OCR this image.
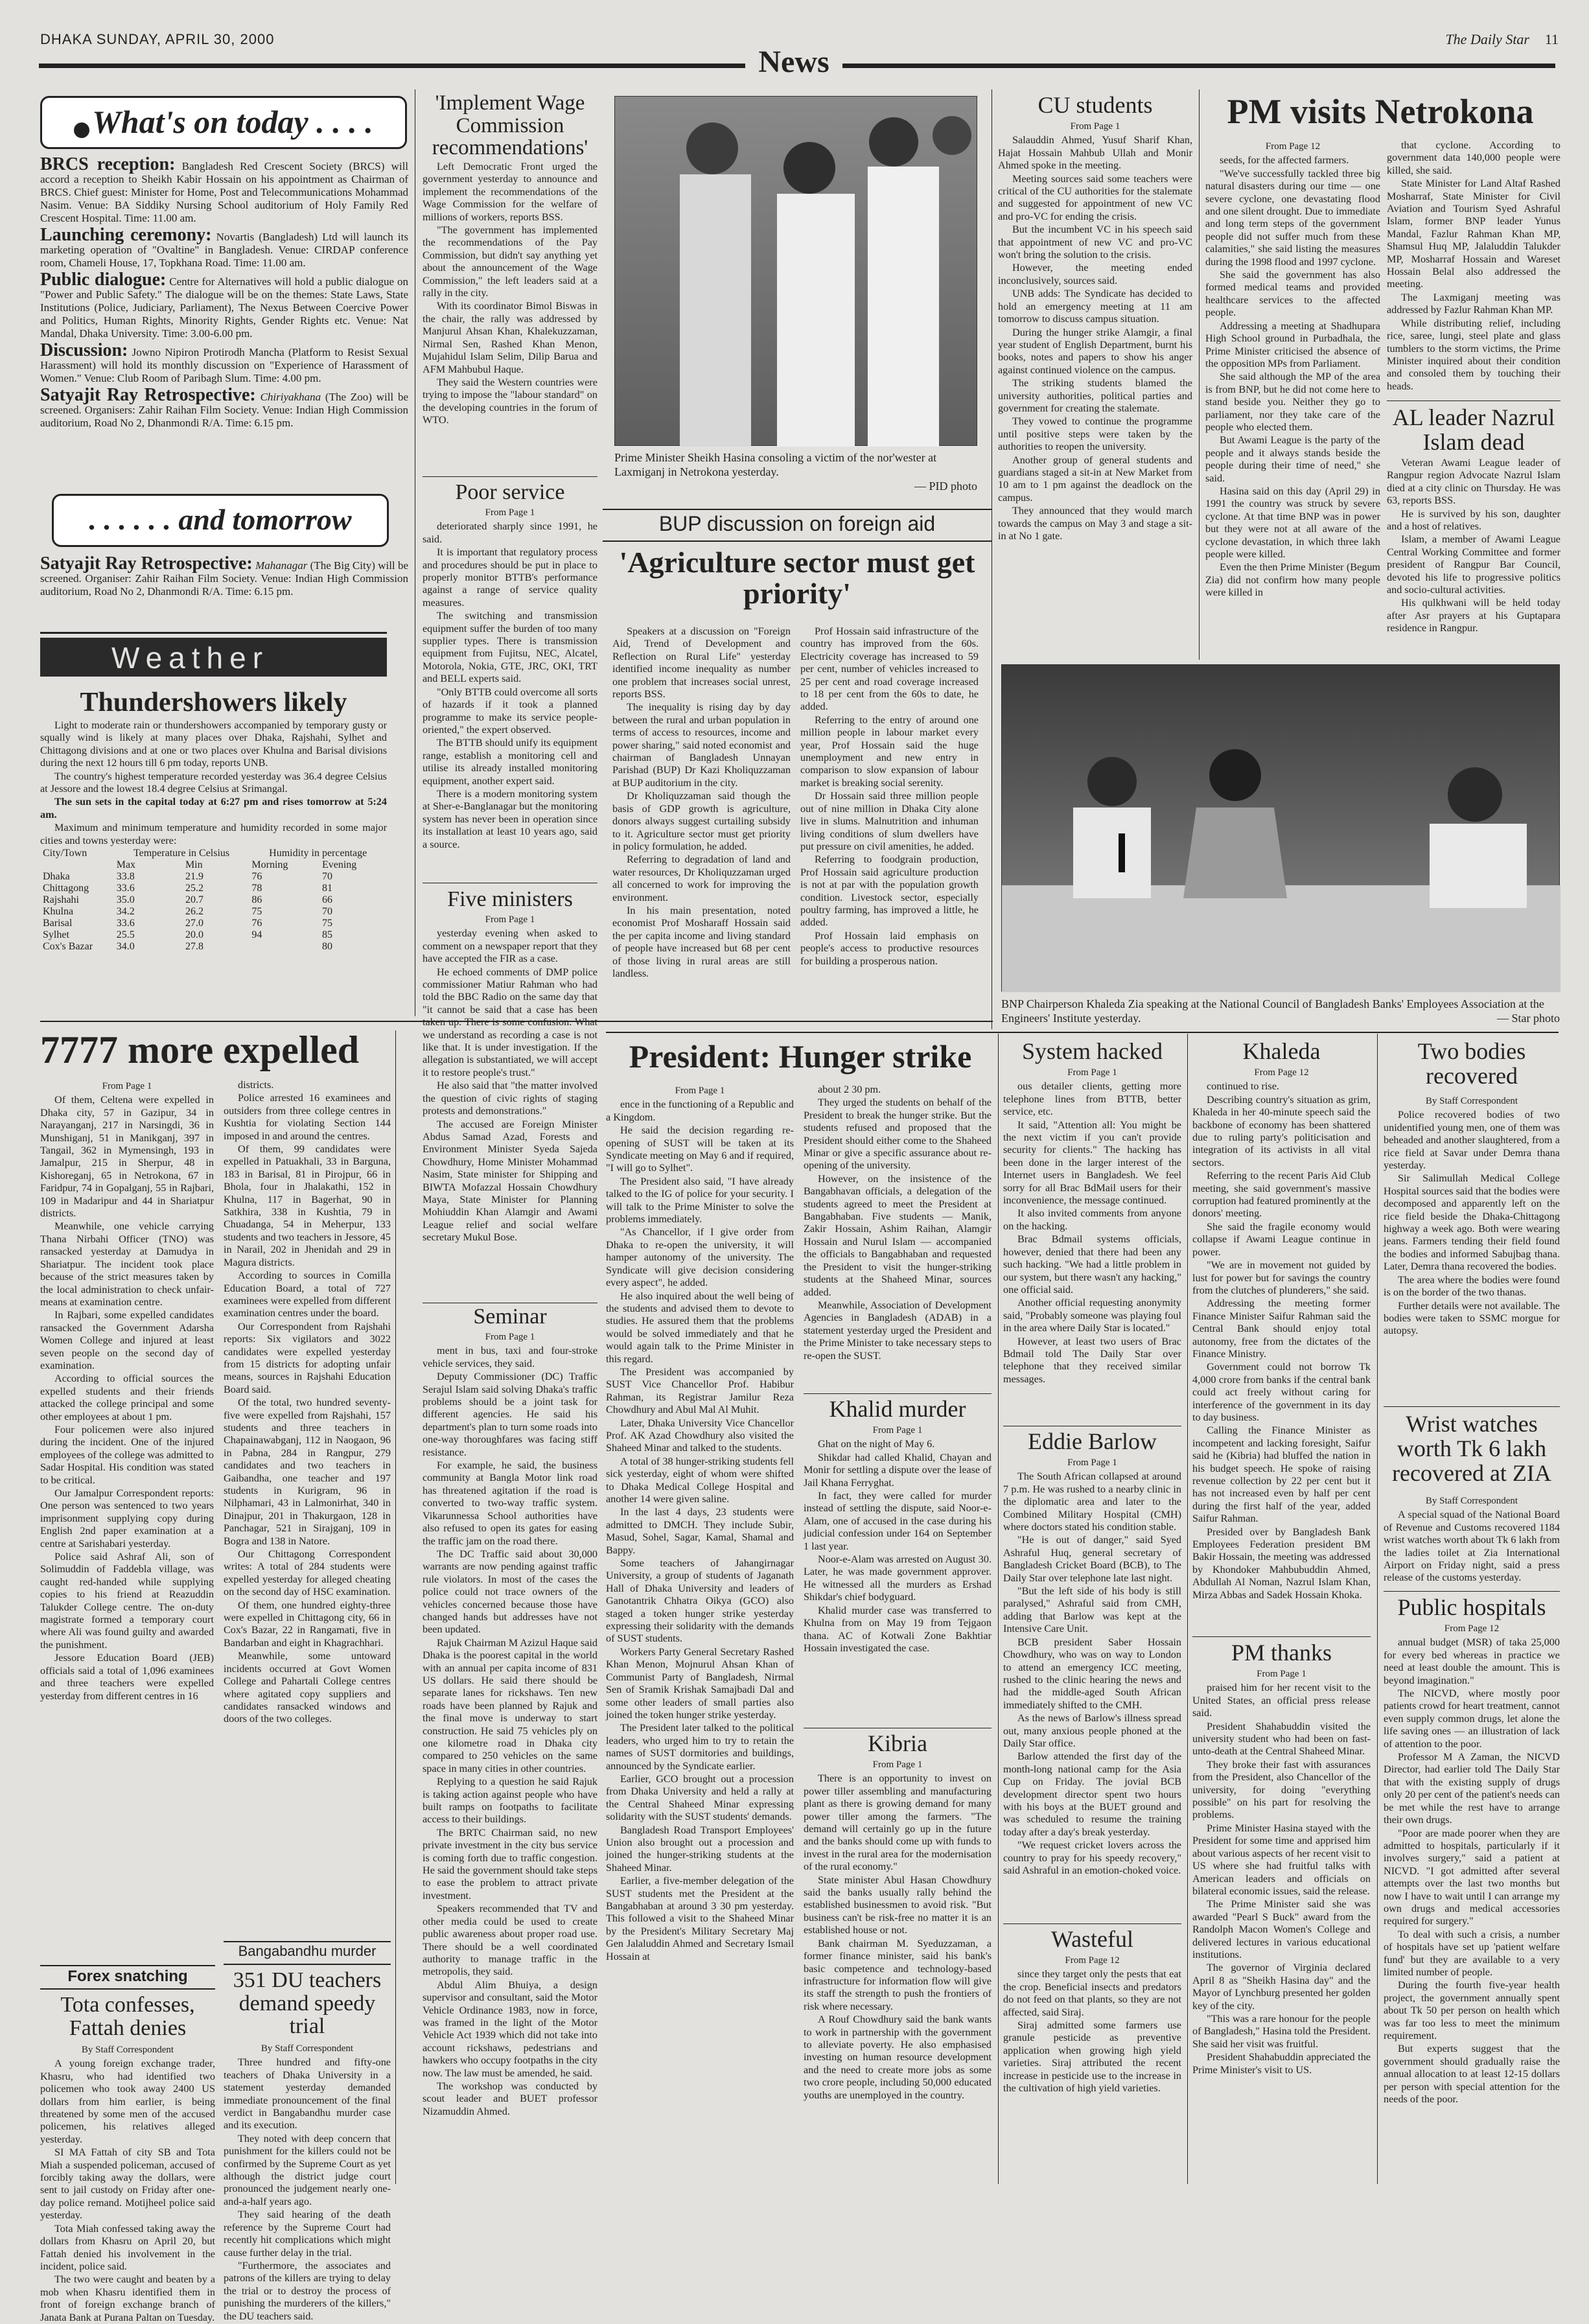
DHAKA SUNDAY, APRIL 30, 2000
News
The Daily Star	11
What's on today . . . .
BRCS reception: Bangladesh Red Crescent Society (BRCS) will accord a reception to Sheikh Kabir Hossain on his appointment as Chairman of BRCS. Chief guest: Minister for Home, Post and Telecommunications Mohammad Nasim. Venue: BA Siddiky Nursing School auditorium of Holy Family Red Crescent Hospital. Time: 11.00 am.
Launching ceremony: Novartis (Bangladesh) Ltd will launch its marketing operation of "Ovaltine" in Bangladesh. Venue: CIRDAP conference room, Chameli House, 17, Topkhana Road. Time: 11.00 am.
Public dialogue: Centre for Alternatives will hold a public dialogue on "Power and Public Safety." The dialogue will be on the themes: State Laws, State Institutions (Police, Judiciary, Parliament), The Nexus Between Coercive Power and Politics, Human Rights, Minority Rights, Gender Rights etc. Venue: Nat Mandal, Dhaka University. Time: 3.00-6.00 pm.
Discussion: Jowno Nipiron Protirodh Mancha (Platform to Resist Sexual Harassment) will hold its monthly discussion on "Experience of Harassment of Women." Venue: Club Room of Paribagh Slum. Time: 4.00 pm.
Satyajit Ray Retrospective: Chiriyakhana (The Zoo) will be screened. Organisers: Zahir Raihan Film Society. Venue: Indian High Commission auditorium, Road No 2, Dhanmondi R/A. Time: 6.15 pm.
. . . . . . and tomorrow
Satyajit Ray Retrospective: Mahanagar (The Big City) will be screened. Organiser: Zahir Raihan Film Society. Venue: Indian High Commission auditorium, Road No 2, Dhanmondi R/A. Time: 6.15 pm.
Weather
Thundershowers likely

Light to moderate rain or thundershowers accompanied by temporary gusty or squally wind is likely at many places over Dhaka, Rajshahi, Sylhet and Chittagong divisions and at one or two places over Khulna and Barisal divisions during the next 12 hours till 6 pm today, reports UNB.

The country's highest temperature recorded yesterday was 36.4 degree Celsius at Jessore and the lowest 18.4 degree Celsius at Srimangal.

The sun sets in the capital today at 6:27 pm and rises tomorrow at 5:24 am.

Maximum and minimum temperature and humidity recorded in some major cities and towns yesterday were:

City/Town	Temperature in Celsius		Humidity in percentage	
	Max	Min	Morning	Evening
Dhaka	33.8	21.9	76	70
Chittagong	33.6	25.2	78	81
Rajshahi	35.0	20.7	86	66
Khulna	34.2	26.2	75	70
Barisal	33.6	27.0	76	75
Sylhet	25.5	20.0	94	85
Cox's Bazar	34.0	27.8		80
7777 more expelled
From Page 1

Of them, Celtena were expelled in Dhaka city, 57 in Gazipur, 34 in Narayanganj, 217 in Narsingdi, 36 in Munshiganj, 51 in Manikganj, 397 in Tangail, 362 in Mymensingh, 193 in Jamalpur, 215 in Sherpur, 48 in Kishoreganj, 65 in Netrokona, 67 in Faridpur, 74 in Gopalganj, 55 in Rajbari, 109 in Madaripur and 44 in Shariatpur districts.

Meanwhile, one vehicle carrying Thana Nirbahi Officer (TNO) was ransacked yesterday at Damudya in Shariatpur. The incident took place because of the strict measures taken by the local administration to check unfair-means at examination centre.

In Rajbari, some expelled candidates ransacked the Government Adarsha Women College and injured at least seven people on the second day of examination.

According to official sources the expelled students and their friends attacked the college principal and some other employees at about 1 pm.

Four policemen were also injured during the incident. One of the injured employees of the college was admitted to Sadar Hospital. His condition was stated to be critical.

Our Jamalpur Correspondent reports: One person was sentenced to two years imprisonment supplying copy during English 2nd paper examination at a centre at Sarishabari yesterday.

Police said Ashraf Ali, son of Solimuddin of Faddebla village, was caught red-handed while supplying copies to his friend at Reazuddin Talukder College centre. The on-duty magistrate formed a temporary court where Ali was found guilty and awarded the punishment.

Jessore Education Board (JEB) officials said a total of 1,096 examinees and three teachers were expelled yesterday from different centres in 16

districts.

Police arrested 16 examinees and outsiders from three college centres in Kushtia for violating Section 144 imposed in and around the centres.

Of them, 99 candidates were expelled in Patuakhali, 33 in Barguna, 183 in Barisal, 81 in Pirojpur, 66 in Bhola, four in Jhalakathi, 152 in Khulna, 117 in Bagerhat, 90 in Satkhira, 338 in Kushtia, 79 in Chuadanga, 54 in Meherpur, 133 students and two teachers in Jessore, 45 in Narail, 202 in Jhenidah and 29 in Magura districts.

According to sources in Comilla Education Board, a total of 727 examinees were expelled from different examination centres under the board.

Our Correspondent from Rajshahi reports: Six vigilators and 3022 candidates were expelled yesterday from 15 districts for adopting unfair means, sources in Rajshahi Education Board said.

Of the total, two hundred seventy-five were expelled from Rajshahi, 157 students and three teachers in Chapainawabganj, 112 in Naogaon, 96 in Pabna, 284 in Rangpur, 279 candidates and two teachers in Gaibandha, one teacher and 197 students in Kurigram, 96 in Nilphamari, 43 in Lalmonirhat, 340 in Dinajpur, 201 in Thakurgaon, 128 in Panchagar, 521 in Sirajganj, 109 in Bogra and 138 in Natore.

Our Chittagong Correspondent writes: A total of 284 students were expelled yesterday for alleged cheating on the second day of HSC examination.

Of them, one hundred eighty-three were expelled in Chittagong city, 66 in Cox's Bazar, 22 in Rangamati, five in Bandarban and eight in Khagrachhari.

Meanwhile, some untoward incidents occurred at Govt Women College and Pahartali College centres where agitated copy suppliers and candidates ransacked windows and doors of the two colleges.

Forex snatching
Tota confesses, Fattah denies
By Staff Correspondent

A young foreign exchange trader, Khasru, who had identified two policemen who took away 2400 US dollars from him earlier, is being threatened by some men of the accused policemen, his relatives alleged yesterday.

SI MA Fattah of city SB and Tota Miah a suspended policeman, accused of forcibly taking away the dollars, were sent to jail custody on Friday after one-day police remand. Motijheel police said yesterday.

Tota Miah confessed taking away the dollars from Khasru on April 20, but Fattah denied his involvement in the incident, police said.

The two were caught and beaten by a mob when Khasru identified them in front of foreign exchange branch of Janata Bank at Purana Paltan on Tuesday.

Bangabandhu murder
351 DU teachers demand speedy trial
By Staff Correspondent

Three hundred and fifty-one teachers of Dhaka University in a statement yesterday demanded immediate pronouncement of the final verdict in Bangabandhu murder case and its execution.

They noted with deep concern that punishment for the killers could not be confirmed by the Supreme Court as yet although the district judge court pronounced the judgement nearly one-and-a-half years ago.

They said hearing of the death reference by the Supreme Court had recently hit complications which might cause further delay in the trial.

"Furthermore, the associates and patrons of the killers are trying to delay the trial or to destroy the process of punishing the murderers of the killers," the DU teachers said.

'Implement Wage Commission recommendations'

Left Democratic Front urged the government yesterday to announce and implement the recommendations of the Wage Commission for the welfare of millions of workers, reports BSS.

"The government has implemented the recommendations of the Pay Commission, but didn't say anything yet about the announcement of the Wage Commission," the left leaders said at a rally in the city.

With its coordinator Bimol Biswas in the chair, the rally was addressed by Manjurul Ahsan Khan, Khalekuzzaman, Nirmal Sen, Rashed Khan Menon, Mujahidul Islam Selim, Dilip Barua and AFM Mahbubul Haque.

They said the Western countries were trying to impose the "labour standard" on the developing countries in the forum of WTO.

Poor service
From Page 1

deteriorated sharply since 1991, he said.

It is important that regulatory process and procedures should be put in place to properly monitor BTTB's performance against a range of service quality measures.

The switching and transmission equipment suffer the burden of too many supplier types. There is transmission equipment from Fujitsu, NEC, Alcatel, Motorola, Nokia, GTE, JRC, OKI, TRT and BELL experts said.

"Only BTTB could overcome all sorts of hazards if it took a planned programme to make its service people-oriented," the expert observed.

The BTTB should unify its equipment range, establish a monitoring cell and utilise its already installed monitoring equipment, another expert said.

There is a modern monitoring system at Sher-e-Banglanagar but the monitoring system has never been in operation since its installation at least 10 years ago, said a source.

Five ministers
From Page 1

yesterday evening when asked to comment on a newspaper report that they have accepted the FIR as a case.

He echoed comments of DMP police commissioner Matiur Rahman who had told the BBC Radio on the same day that "it cannot be said that a case has been taken up. There is some confusion. What we understand as recording a case is not like that. It is under investigation. If the allegation is substantiated, we will accept it to restore people's trust."

He also said that "the matter involved the question of civic rights of staging protests and demonstrations."

The accused are Foreign Minister Abdus Samad Azad, Forests and Environment Minister Syeda Sajeda Chowdhury, Home Minister Mohammad Nasim, State minister for Shipping and BIWTA Mofazzal Hossain Chowdhury Maya, State Minister for Planning Mohiuddin Khan Alamgir and Awami League relief and social welfare secretary Mukul Bose.

Seminar
From Page 1

ment in bus, taxi and four-stroke vehicle services, they said.

Deputy Commissioner (DC) Traffic Serajul Islam said solving Dhaka's traffic problems should be a joint task for different agencies. He said his department's plan to turn some roads into one-way thoroughfares was facing stiff resistance.

For example, he said, the business community at Bangla Motor link road has threatened agitation if the road is converted to two-way traffic system. Vikarunnessa School authorities have also refused to open its gates for easing the traffic jam on the road there.

The DC Traffic said about 30,000 warrants are now pending against traffic rule violators. In most of the cases the police could not trace owners of the vehicles concerned because those have changed hands but addresses have not been updated.

Rajuk Chairman M Azizul Haque said Dhaka is the poorest capital in the world with an annual per capita income of 831 US dollars. He said there should be separate lanes for rickshaws. Ten new roads have been planned by Rajuk and the final move is underway to start construction. He said 75 vehicles ply on one kilometre road in Dhaka city compared to 250 vehicles on the same space in many cities in other countries.

Replying to a question he said Rajuk is taking action against people who have built ramps on footpaths to facilitate access to their buildings.

The BRTC Chairman said, no new private investment in the city bus service is coming forth due to traffic congestion. He said the government should take steps to ease the problem to attract private investment.

Speakers recommended that TV and other media could be used to create public awareness about proper road use. There should be a well coordinated authority to manage traffic in the metropolis, they said.

Abdul Alim Bhuiya, a design supervisor and consultant, said the Motor Vehicle Ordinance 1983, now in force, was framed in the light of the Motor Vehicle Act 1939 which did not take into account rickshaws, pedestrians and hawkers who occupy footpaths in the city now. The law must be amended, he said.

The workshop was conducted by scout leader and BUET professor Nizamuddin Ahmed.

Prime Minister Sheikh Hasina consoling a victim of the nor'wester at Laxmiganj in Netrokona yesterday.
— PID photo
BUP discussion on foreign aid
'Agriculture sector must get priority'

Speakers at a discussion on "Foreign Aid, Trend of Development and Reflection on Rural Life" yesterday identified income inequality as number one problem that increases social unrest, reports BSS.

The inequality is rising day by day between the rural and urban population in terms of access to resources, income and power sharing," said noted economist and chairman of Bangladesh Unnayan Parishad (BUP) Dr Kazi Kholiquzzaman at BUP auditorium in the city.

Dr Kholiquzzaman said though the basis of GDP growth is agriculture, donors always suggest curtailing subsidy to it. Agriculture sector must get priority in policy formulation, he added.

Referring to degradation of land and water resources, Dr Kholiquzzaman urged all concerned to work for improving the environment.

In his main presentation, noted economist Prof Mosharaff Hossain said the per capita income and living standard of people have increased but 68 per cent of those living in rural areas are still landless.

Prof Hossain said infrastructure of the country has improved from the 60s. Electricity coverage has increased to 59 per cent, number of vehicles increased to 25 per cent and road coverage increased to 18 per cent from the 60s to date, he added.

Referring to the entry of around one million people in labour market every year, Prof Hossain said the huge unemployment and new entry in comparison to slow expansion of labour market is breaking social serenity.

Dr Hossain said three million people out of nine million in Dhaka City alone live in slums. Malnutrition and inhuman living conditions of slum dwellers have put pressure on civil amenities, he added.

Referring to foodgrain production, Prof Hossain said agriculture production is not at par with the population growth condition. Livestock sector, especially poultry farming, has improved a little, he added.

Prof Hossain laid emphasis on people's access to productive resources for building a prosperous nation.

CU students
From Page 1

Salauddin Ahmed, Yusuf Sharif Khan, Hajat Hossain Mahbub Ullah and Monir Ahmed spoke in the meeting.

Meeting sources said some teachers were critical of the CU authorities for the stalemate and suggested for appointment of new VC and pro-VC for ending the crisis.

But the incumbent VC in his speech said that appointment of new VC and pro-VC won't bring the solution to the crisis.

However, the meeting ended inconclusively, sources said.

UNB adds: The Syndicate has decided to hold an emergency meeting at 11 am tomorrow to discuss campus situation.

During the hunger strike Alamgir, a final year student of English Department, burnt his books, notes and papers to show his anger against continued violence on the campus.

The striking students blamed the university authorities, political parties and government for creating the stalemate.

They vowed to continue the programme until positive steps were taken by the authorities to reopen the university.

Another group of general students and guardians staged a sit-in at New Market from 10 am to 1 pm against the deadlock on the campus.

They announced that they would march towards the campus on May 3 and stage a sit-in at No 1 gate.

PM visits Netrokona
From Page 12

seeds, for the affected farmers.

"We've successfully tackled three big natural disasters during our time — one severe cyclone, one devastating flood and one silent drought. Due to immediate and long term steps of the government people did not suffer much from these calamities," she said listing the measures during the 1998 flood and 1997 cyclone.

She said the government has also formed medical teams and provided healthcare services to the affected people.

Addressing a meeting at Shadhupara High School ground in Purbadhala, the Prime Minister criticised the absence of the opposition MPs from Parliament.

She said although the MP of the area is from BNP, but he did not come here to stand beside you. Neither they go to parliament, nor they take care of the people who elected them.

But Awami League is the party of the people and it always stands beside the people during their time of need," she said.

Hasina said on this day (April 29) in 1991 the country was struck by severe cyclone. At that time BNP was in power but they were not at all aware of the cyclone devastation, in which three lakh people were killed.

Even the then Prime Minister (Begum Zia) did not confirm how many people were killed in

that cyclone. According to government data 140,000 people were killed, she said.

State Minister for Land Altaf Rashed Mosharraf, State Minister for Civil Aviation and Tourism Syed Ashraful Islam, former BNP leader Yunus Mandal, Fazlur Rahman Khan MP, Shamsul Huq MP, Jalaluddin Talukder MP, Mosharraf Hossain and Wareset Hossain Belal also addressed the meeting.

The Laxmiganj meeting was addressed by Fazlur Rahman Khan MP.

While distributing relief, including rice, saree, lungi, steel plate and glass tumblers to the storm victims, the Prime Minister inquired about their condition and consoled them by touching their heads.

AL leader Nazrul Islam dead

Veteran Awami League leader of Rangpur region Advocate Nazrul Islam died at a city clinic on Thursday. He was 63, reports BSS.

He is survived by his son, daughter and a host of relatives.

Islam, a member of Awami League Central Working Committee and former president of Rangpur Bar Council, devoted his life to progressive politics and socio-cultural activities.

His qulkhwani will be held today after Asr prayers at his Guptapara residence in Rangpur.

BNP Chairperson Khaleda Zia speaking at the National Council of Bangladesh Banks' Employees Association at the Engineers' Institute yesterday.	— Star photo
President: Hunger strike
From Page 1

ence in the functioning of a Republic and a Kingdom.

He said the decision regarding re-opening of SUST will be taken at its Syndicate meeting on May 6 and if required, "I will go to Sylhet".

The President also said, "I have already talked to the IG of police for your security. I will talk to the Prime Minister to solve the problems immediately.

"As Chancellor, if I give order from Dhaka to re-open the university, it will hamper autonomy of the university. The Syndicate will give decision considering every aspect", he added.

He also inquired about the well being of the students and advised them to devote to studies. He assured them that the problems would be solved immediately and that he would again talk to the Prime Minister in this regard.

The President was accompanied by SUST Vice Chancellor Prof. Habibur Rahman, its Registrar Jamilur Reza Chowdhury and Abul Mal Al Muhit.

Later, Dhaka University Vice Chancellor Prof. AK Azad Chowdhury also visited the Shaheed Minar and talked to the students.

A total of 38 hunger-striking students fell sick yesterday, eight of whom were shifted to Dhaka Medical College Hospital and another 14 were given saline.

In the last 4 days, 23 students were admitted to DMCH. They include Subir, Masud, Sohel, Sagar, Kamal, Shamal and Bappy.

Some teachers of Jahangirnagar University, a group of students of Jaganath Hall of Dhaka University and leaders of Ganotantrik Chhatra Oikya (GCO) also staged a token hunger strike yesterday expressing their solidarity with the demands of SUST students.

Workers Party General Secretary Rashed Khan Menon, Mojnurul Ahsan Khan of Communist Party of Bangladesh, Nirmal Sen of Sramik Krishak Samajbadi Dal and some other leaders of small parties also joined the token hunger strike yesterday.

The President later talked to the political leaders, who urged him to try to retain the names of SUST dormitories and buildings, announced by the Syndicate earlier.

Earlier, GCO brought out a procession from Dhaka University and held a rally at the Central Shaheed Minar expressing solidarity with the SUST students' demands.

Bangladesh Road Transport Employees' Union also brought out a procession and joined the hunger-striking students at the Shaheed Minar.

Earlier, a five-member delegation of the SUST students met the President at the Bangabhaban at around 3 30 pm yesterday. This followed a visit to the Shaheed Minar by the President's Military Secretary Maj Gen Jalaluddin Ahmed and Secretary Ismail Hossain at

about 2 30 pm.

They urged the students on behalf of the President to break the hunger strike. But the students refused and proposed that the President should either come to the Shaheed Minar or give a specific assurance about re-opening of the university.

However, on the insistence of the Bangabhavan officials, a delegation of the students agreed to meet the President at Bangabhaban. Five students — Manik, Zakir Hossain, Ashim Raihan, Alamgir Hossain and Nurul Islam — accompanied the officials to Bangabhaban and requested the President to visit the hunger-striking students at the Shaheed Minar, sources added.

Meanwhile, Association of Development Agencies in Bangladesh (ADAB) in a statement yesterday urged the President and the Prime Minister to take necessary steps to re-open the SUST.

Khalid murder
From Page 1

Ghat on the night of May 6.

Shikdar had called Khalid, Chayan and Monir for settling a dispute over the lease of Jail Khana Ferryghat.

In fact, they were called for murder instead of settling the dispute, said Noor-e-Alam, one of accused in the case during his judicial confession under 164 on September 1 last year.

Noor-e-Alam was arrested on August 30. Later, he was made government approver. He witnessed all the murders as Ershad Shikdar's chief bodyguard.

Khalid murder case was transferred to Khulna from on May 19 from Tejgaon thana. AC of Kotwali Zone Bakhtiar Hossain investigated the case.

Kibria
From Page 1

There is an opportunity to invest on power tiller assembling and manufacturing plant as there is growing demand for many power tiller among the farmers. "The demand will certainly go up in the future and the banks should come up with funds to invest in the rural area for the modernisation of the rural economy."

State minister Abul Hasan Chowdhury said the banks usually rally behind the established businessmen to avoid risk. "But business can't be risk-free no matter it is an established house or not.

Bank chairman M. Syeduzzaman, a former finance minister, said his bank's basic competence and technology-based infrastructure for information flow will give its staff the strength to push the frontiers of risk where necessary.

A Rouf Chowdhury said the bank wants to work in partnership with the government to alleviate poverty. He also emphasised investing on human resource development and the need to create more jobs as some two crore people, including 50,000 educated youths are unemployed in the country.

System hacked
From Page 1

ous detailer clients, getting more telephone lines from BTTB, better service, etc.

It said, "Attention all: You might be the next victim if you can't provide security for clients." The hacking has been done in the larger interest of the Internet users in Bangladesh. We feel sorry for all Brac BdMail users for their inconvenience, the message continued.

It also invited comments from anyone on the hacking.

Brac Bdmail systems officials, however, denied that there had been any such hacking. "We had a little problem in our system, but there wasn't any hacking," one official said.

Another official requesting anonymity said, "Probably someone was playing foul in the area where Daily Star is located."

However, at least two users of Brac Bdmail told The Daily Star over telephone that they received similar messages.

Eddie Barlow
From Page 1

The South African collapsed at around 7 p.m. He was rushed to a nearby clinic in the diplomatic area and later to the Combined Military Hospital (CMH) where doctors stated his condition stable.

"He is out of danger," said Syed Ashraful Huq, general secretary of Bangladesh Cricket Board (BCB), to The Daily Star over telephone late last night.

"But the left side of his body is still paralysed," Ashraful said from CMH, adding that Barlow was kept at the Intensive Care Unit.

BCB president Saber Hossain Chowdhury, who was on way to London to attend an emergency ICC meeting, rushed to the clinic hearing the news and had the middle-aged South African immediately shifted to the CMH.

As the news of Barlow's illness spread out, many anxious people phoned at the Daily Star office.

Barlow attended the first day of the month-long national camp for the Asia Cup on Friday. The jovial BCB development director spent two hours with his boys at the BUET ground and was scheduled to resume the training today after a day's break yesterday.

"We request cricket lovers across the country to pray for his speedy recovery," said Ashraful in an emotion-choked voice.

Wasteful
From Page 12

since they target only the pests that eat the crop. Beneficial insects and predators do not feed on that plants, so they are not affected, said Siraj.

Siraj admitted some farmers use granule pesticide as preventive application when growing high yield varieties. Siraj attributed the recent increase in pesticide use to the increase in the cultivation of high yield varieties.

Khaleda
From Page 12

continued to rise.

Describing country's situation as grim, Khaleda in her 40-minute speech said the backbone of economy has been shattered due to ruling party's politicisation and integration of its activists in all vital sectors.

Referring to the recent Paris Aid Club meeting, she said government's massive corruption had featured prominently at the donors' meeting.

She said the fragile economy would collapse if Awami League continue in power.

"We are in movement not guided by lust for power but for savings the country from the clutches of plunderers," she said.

Addressing the meeting former Finance Minister Saifur Rahman said the Central Bank should enjoy total autonomy, free from the dictates of the Finance Ministry.

Government could not borrow Tk 4,000 crore from banks if the central bank could act freely without caring for interference of the government in its day to day business.

Calling the Finance Minister as incompetent and lacking foresight, Saifur said he (Kibria) had bluffed the nation in his budget speech. He spoke of raising revenue collection by 22 per cent but it has not increased even by half per cent during the first half of the year, added Saifur Rahman.

Presided over by Bangladesh Bank Employees Federation president BM Bakir Hossain, the meeting was addressed by Khondoker Mahbubuddin Ahmed, Abdullah Al Noman, Nazrul Islam Khan, Mirza Abbas and Sadek Hossain Khoka.

PM thanks
From Page 1

praised him for her recent visit to the United States, an official press release said.

President Shahabuddin visited the university student who had been on fast-unto-death at the Central Shaheed Minar.

They broke their fast with assurances from the President, also Chancellor of the university, for doing "everything possible" on his part for resolving the problems.

Prime Minister Hasina stayed with the President for some time and apprised him about various aspects of her recent visit to US where she had fruitful talks with American leaders and officials on bilateral economic issues, said the release.

The Prime Minister said she was awarded "Pearl S Buck" award from the Randolph Macon Women's College and delivered lectures in various educational institutions.

The governor of Virginia declared April 8 as "Sheikh Hasina day" and the Mayor of Lynchburg presented her golden key of the city.

"This was a rare honour for the people of Bangladesh," Hasina told the President. She said her visit was fruitful.

President Shahabuddin appreciated the Prime Minister's visit to US.

Two bodies recovered
By Staff Correspondent

Police recovered bodies of two unidentified young men, one of them was beheaded and another slaughtered, from a rice field at Savar under Demra thana yesterday.

Sir Salimullah Medical College Hospital sources said that the bodies were decomposed and apparently left on the rice field beside the Dhaka-Chittagong highway a week ago. Both were wearing jeans. Farmers tending their field found the bodies and informed Sabujbag thana. Later, Demra thana recovered the bodies.

The area where the bodies were found is on the border of the two thanas.

Further details were not available. The bodies were taken to SSMC morgue for autopsy.

Wrist watches worth Tk 6 lakh recovered at ZIA
By Staff Correspondent

A special squad of the National Board of Revenue and Customs recovered 1184 wrist watches worth about Tk 6 lakh from the ladies toilet at Zia International Airport on Friday night, said a press release of the customs yesterday.

Public hospitals
From Page 12

annual budget (MSR) of taka 25,000 for every bed whereas in practice we need at least double the amount. This is beyond imagination."

The NICVD, where mostly poor patients crowd for heart treatment, cannot even supply common drugs, let alone the life saving ones — an illustration of lack of attention to the poor.

Professor M A Zaman, the NICVD Director, had earlier told The Daily Star that with the existing supply of drugs only 20 per cent of the patient's needs can be met while the rest have to arrange their own drugs.

"Poor are made poorer when they are admitted to hospitals, particularly if it involves surgery," said a patient at NICVD. "I got admitted after several attempts over the last two months but now I have to wait until I can arrange my own drugs and medical accessories required for surgery."

To deal with such a crisis, a number of hospitals have set up 'patient welfare fund' but they are available to a very limited number of people.

During the fourth five-year health project, the government annually spent about Tk 50 per person on health which was far too less to meet the minimum requirement.

But experts suggest that the government should gradually raise the annual allocation to at least 12-15 dollars per person with special attention for the needs of the poor.
